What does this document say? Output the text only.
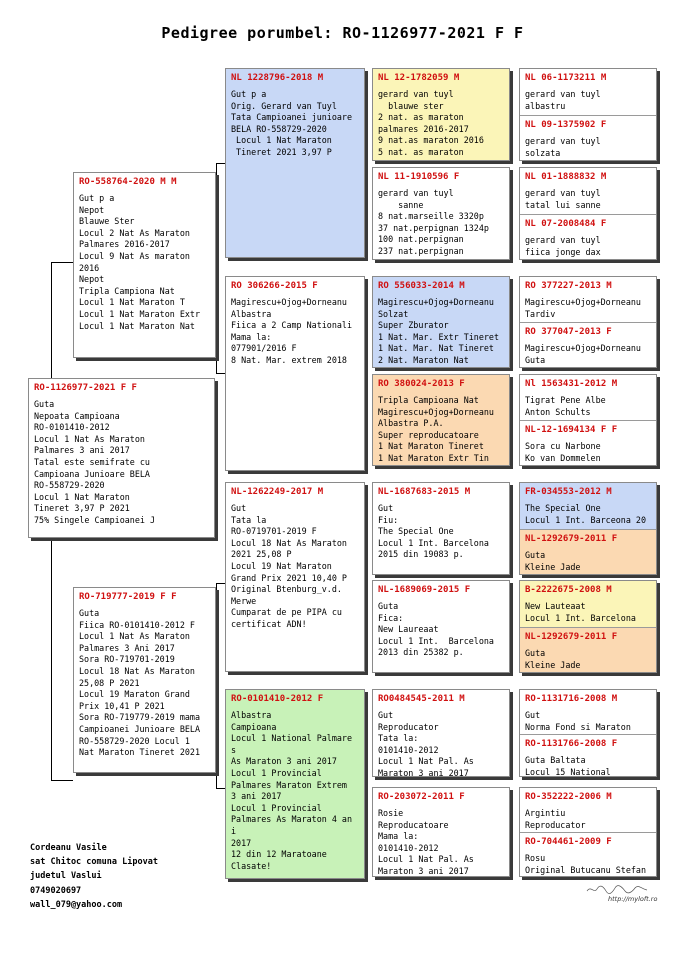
Pedigree porumbel: RO-1126977-2021 F F
RO-1126977-2021 F F
Guta
Nepoata Campioana
RO-0101410-2012
Locul 1 Nat As Maraton
Palmares 3 ani 2017
Tatal este semifrate cu
Campioana Junioare BELA
RO-558729-2020
Locul 1 Nat Maraton
Tineret 3,97 P 2021
75% Singele Campioanei J
RO-558764-2020 M M
Gut p a
Nepot
Blauwe Ster
Locul 2 Nat As Maraton
Palmares 2016-2017
Locul 9 Nat As maraton
2016
Nepot
Tripla Campiona Nat
Locul 1 Nat Maraton T
Locul 1 Nat Maraton Extr
Locul 1 Nat Maraton Nat
RO-719777-2019 F F
Guta
Fiica RO-0101410-2012 F
Locul 1 Nat As Maraton
Palmares 3 Ani 2017
Sora RO-719701-2019
Locul 18 Nat As Maraton
25,08 P 2021
Locul 19 Maraton Grand
Prix 10,41 P 2021
Sora RO-719779-2019 mama
Campioanei Junioare BELA
RO-558729-2020 Locul 1
Nat Maraton Tineret 2021
NL 1228796-2018 M
Gut p a
Orig. Gerard van Tuyl
Tata Campioanei junioare
BELA RO-558729-2020
Locul 1 Nat Maraton
Tineret 2021 3,97 P
RO 306266-2015 F
Magirescu+Ojog+Dorneanu
Albastra
Fiica a 2 Camp Nationali
Mama la:
077901/2016 F
8 Nat. Mar. extrem 2018
NL-1262249-2017 M
Gut
Tata la
RO-0719701-2019 F
Locul 18 Nat As Maraton
2021 25,08 P
Locul 19 Nat Maraton
Grand Prix 2021 10,40 P
Original Btenburg_v.d.
Merwe
Cumparat de pe PIPA cu
certificat ADN!
RO-0101410-2012 F
Albastra
Campioana
Locul 1 National Palmare
s
As Maraton 3 ani 2017
Locul 1 Provincial
Palmares Maraton Extrem
3 ani 2017
Locul 1 Provincial
Palmares As Maraton 4 an
i
2017
12 din 12 Maratoane
Clasate!
NL 12-1782059 M
gerard van tuyl
blauwe ster
2 nat. as maraton
palmares 2016-2017
9 nat.as maraton 2016
5 nat. as maraton
NL 11-1910596 F
gerard van tuyl
sanne
8 nat.marseille 3320p
37 nat.perpignan 1324p
100 nat.perpignan
237 nat.perpignan
RO 556033-2014 M
Magirescu+Ojog+Dorneanu
Solzat
Super Zburator
1 Nat. Mar. Extr Tineret
1 Nat. Mar. Nat Tineret
2 Nat. Maraton Nat
RO 380024-2013 F
Tripla Campioana Nat
Magirescu+Ojog+Dorneanu
Albastra P.A.
Super reproducatoare
1 Nat Maraton Tineret
1 Nat Maraton Extr Tin
NL-1687683-2015 M
Gut
Fiu:
The Special One
Locul 1 Int. Barcelona
2015 din 19083 p.
NL-1689069-2015 F
Guta
Fica:
New Laureaat
Locul 1 Int.  Barcelona
2013 din 25382 p.
RO0484545-2011 M
Gut
Reproducator
Tata la:
0101410-2012
Locul 1 Nat Pal. As
Maraton 3 ani 2017
RO-203072-2011 F
Rosie
Reproducatoare
Mama la:
0101410-2012
Locul 1 Nat Pal. As
Maraton 3 ani 2017
NL 06-1173211 M
gerard van tuyl
albastru
NL 09-1375902 F
gerard van tuyl
solzata
NL 01-1888832 M
gerard van tuyl
tatal lui sanne
NL 07-2008484 F
gerard van tuyl
fiica jonge dax
RO 377227-2013 M
Magirescu+Ojog+Dorneanu
Tardiv
RO 377047-2013 F
Magirescu+Ojog+Dorneanu
Guta
Nl 1563431-2012 M
Tigrat Pene Albe
Anton Schults
NL-12-1694134 F F
Sora cu Narbone
Ko van Dommelen
FR-034553-2012 M
The Special One
Locul 1 Int. Barceona 20
NL-1292679-2011 F
Guta
Kleine Jade
B-2222675-2008 M
New Lauteaat
Locul 1 Int. Barcelona
NL-1292679-2011 F
Guta
Kleine Jade
RO-1131716-2008 M
Gut
Norma Fond si Maraton
RO-1131766-2008 F
Guta Baltata
Locul 15 National
RO-352222-2006 M
Argintiu
Reproducator
RO-704461-2009 F
Rosu
Original Butucanu Stefan
Cordeanu Vasile
sat Chitoc comuna Lipovat
judetul Vaslui
0749020697
wall_079@yahoo.com
http://myloft.ro
